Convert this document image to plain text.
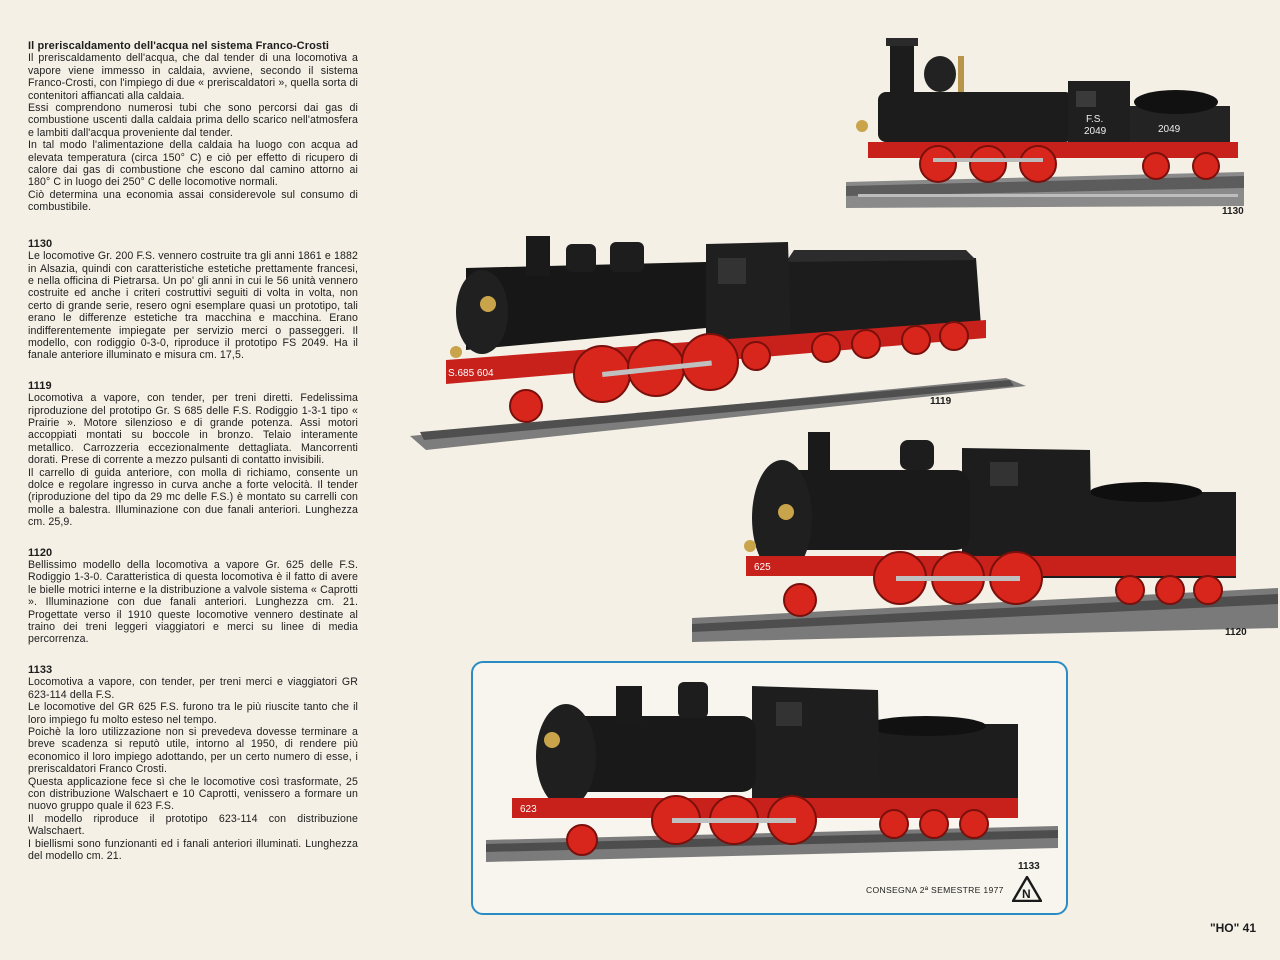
Il preriscaldamento dell'acqua nel sistema Franco-Crosti

Il preriscaldamento dell'acqua, che dal tender di una locomotiva a vapore viene immesso in caldaia, avviene, secondo il sistema Franco-Crosti, con l'impiego di due « preriscaldatori », quella sorta di contenitori affiancati alla caldaia.

Essi comprendono numerosi tubi che sono percorsi dai gas di combustione uscenti dalla caldaia prima dello scarico nell'atmosfera e lambiti dall'acqua proveniente dal tender.

In tal modo l'alimentazione della caldaia ha luogo con acqua ad elevata temperatura (circa 150° C) e ciò per effetto di ricupero di calore dai gas di combustione che escono dal camino attorno ai 180° C in luogo dei 250° C delle locomotive normali.

Ciò determina una economia assai considerevole sul consumo di combustibile.

1130

Le locomotive Gr. 200 F.S. vennero costruite tra gli anni 1861 e 1882 in Alsazia, quindi con caratteristiche estetiche prettamente francesi, e nella officina di Pietrarsa. Un po' gli anni in cui le 56 unità vennero costruite ed anche i criteri costruttivi seguiti di volta in volta, non certo di grande serie, resero ogni esemplare quasi un prototipo, tali erano le differenze estetiche tra macchina e macchina. Erano indifferentemente impiegate per servizio merci o passeggeri. Il modello, con rodiggio 0-3-0, riproduce il prototipo FS 2049. Ha il fanale anteriore illuminato e misura cm. 17,5.

1119

Locomotiva a vapore, con tender, per treni diretti. Fedelissima riproduzione del prototipo Gr. S 685 delle F.S. Rodiggio 1-3-1 tipo « Prairie ». Motore silenzioso e di grande potenza. Assi motori accoppiati montati su boccole in bronzo. Telaio interamente metallico. Carrozzeria eccezionalmente dettagliata. Mancorrenti dorati. Prese di corrente a mezzo pulsanti di contatto invisibili.

Il carrello di guida anteriore, con molla di richiamo, consente un dolce e regolare ingresso in curva anche a forte velocità. Il tender (riproduzione del tipo da 29 mc delle F.S.) è montato su carrelli con molle a balestra. Illuminazione con due fanali anteriori. Lunghezza cm. 25,9.

1120

Bellissimo modello della locomotiva a vapore Gr. 625 delle F.S. Rodiggio 1-3-0. Caratteristica di questa locomotiva è il fatto di avere le bielle motrici interne e la distribuzione a valvole sistema « Caprotti ». Illuminazione con due fanali anteriori. Lunghezza cm. 21. Progettate verso il 1910 queste locomotive vennero destinate al traino dei treni leggeri viaggiatori e merci su linee di media percorrenza.

1133

Locomotiva a vapore, con tender, per treni merci e viaggiatori GR 623-114 della F.S.

Le locomotive del GR 625 F.S. furono tra le più riuscite tanto che il loro impiego fu molto esteso nel tempo.

Poichè la loro utilizzazione non si prevedeva dovesse terminare a breve scadenza si reputò utile, intorno al 1950, di rendere più economico il loro impiego adottando, per un certo numero di esse, i preriscaldatori Franco Crosti.

Questa applicazione fece sì che le locomotive così trasformate, 25 con distribuzione Walschaert e 10 Caprotti, venissero a formare un nuovo gruppo quale il 623 F.S.

Il modello riproduce il prototipo 623-114 con distribuzione Walschaert.

I biellismi sono funzionanti ed i fanali anteriori illuminati. Lunghezza del modello cm. 21.

F.S.
2049	2049
1130
S.685 604
1119
625
1120
623
1133
CONSEGNA 2ª SEMESTRE 1977 N
"HO" 41
